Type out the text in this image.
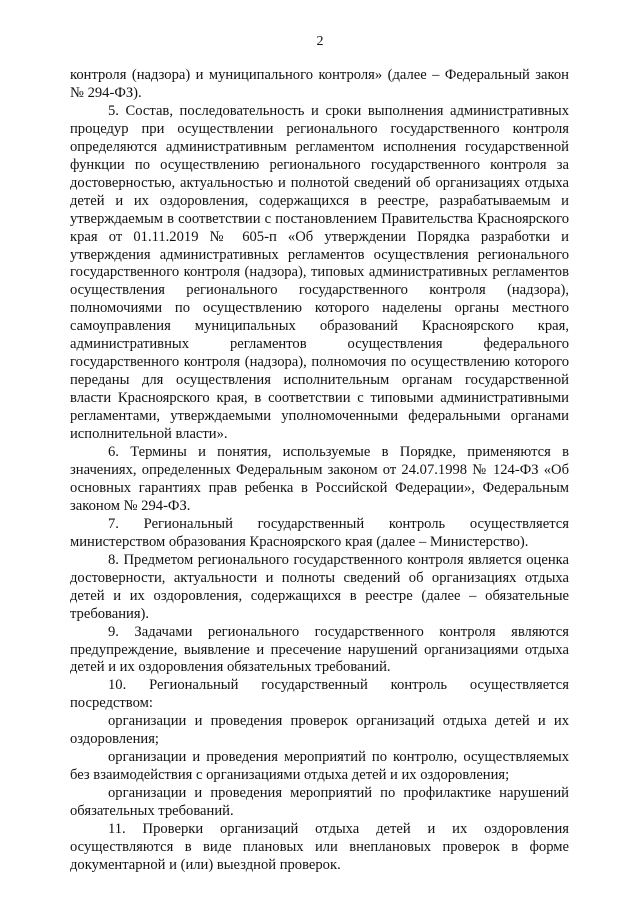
2

контроля (надзора) и муниципального контроля» (далее – Федеральный закон № 294-ФЗ).

5. Состав, последовательность и сроки выполнения административных процедур при осуществлении регионального государственного контроля определяются административным регламентом исполнения государственной функции по осуществлению регионального государственного контроля за достоверностью, актуальностью и полнотой сведений об организациях отдыха детей и их оздоровления, содержащихся в реестре, разрабатываемым и утверждаемым в соответствии с постановлением Правительства Красноярского края от 01.11.2019 № 605-п «Об утверждении Порядка разработки и утверждения административных регламентов осуществления регионального государственного контроля (надзора), типовых административных регламентов осуществления регионального государственного контроля (надзора), полномочиями по осуществлению которого наделены органы местного самоуправления муниципальных образований Красноярского края, административных регламентов осуществления федерального государственного контроля (надзора), полномочия по осуществлению которого переданы для осуществления исполнительным органам государственной власти Красноярского края, в соответствии с типовыми административными регламентами, утверждаемыми уполномоченными федеральными органами исполнительной власти».

6. Термины и понятия, используемые в Порядке, применяются в значениях, определенных Федеральным законом от 24.07.1998 № 124-ФЗ «Об основных гарантиях прав ребенка в Российской Федерации», Федеральным законом № 294-ФЗ.

7. Региональный государственный контроль осуществляется министерством образования Красноярского края (далее – Министерство).

8. Предметом регионального государственного контроля является оценка достоверности, актуальности и полноты сведений об организациях отдыха детей и их оздоровления, содержащихся в реестре (далее – обязательные требования).

9. Задачами регионального государственного контроля являются предупреждение, выявление и пресечение нарушений организациями отдыха детей и их оздоровления обязательных требований.

10. Региональный государственный контроль осуществляется посредством:

организации и проведения проверок организаций отдыха детей и их оздоровления;

организации и проведения мероприятий по контролю, осуществляемых без взаимодействия с организациями отдыха детей и их оздоровления;

организации и проведения мероприятий по профилактике нарушений обязательных требований.

11. Проверки организаций отдыха детей и их оздоровления осуществляются в виде плановых или внеплановых проверок в форме документарной и (или) выездной проверок.
